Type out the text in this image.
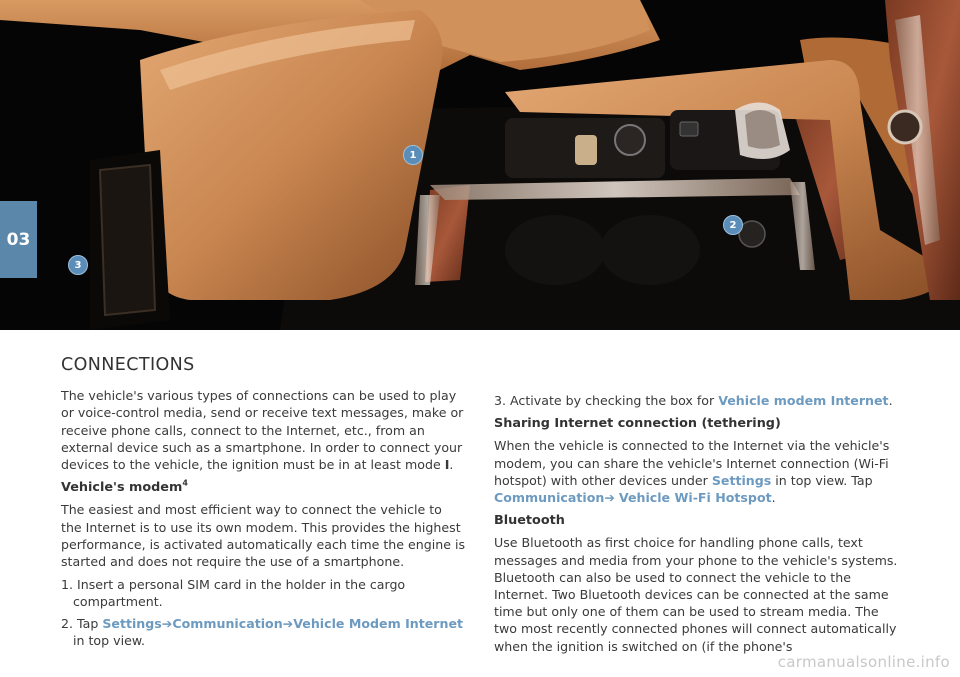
1
2
3
03
CONNECTIONS

The vehicle's various types of connections can be used to play or voice-control media, send or receive text messages, make or receive phone calls, connect to the Internet, etc., from an external device such as a smartphone. In order to connect your devices to the vehicle, the ignition must be in at least mode I.

Vehicle's modem$^4$

The easiest and most efficient way to connect the vehicle to the Internet is to use its own modem. This provides the highest performance, is activated automatically each time the engine is started and does not require the use of a smartphone.

1. Insert a personal SIM card in the holder in the cargo compartment.

2. Tap Settings➔Communication➔Vehicle Modem Internet in top view.

3. Activate by checking the box for Vehicle modem Internet.

Sharing Internet connection (tethering)

When the vehicle is connected to the Internet via the vehicle's modem, you can share the vehicle's Internet connection (Wi-Fi hotspot) with other devices under Settings in top view. Tap Communication➔ Vehicle Wi-Fi Hotspot.

Bluetooth

Use Bluetooth as first choice for handling phone calls, text messages and media from your phone to the vehicle's systems. Bluetooth can also be used to connect the vehicle to the Internet. Two Bluetooth devices can be connected at the same time but only one of them can be used to stream media. The two most recently connected phones will connect automatically when the ignition is switched on (if the phone's

carmanualsonline.info
